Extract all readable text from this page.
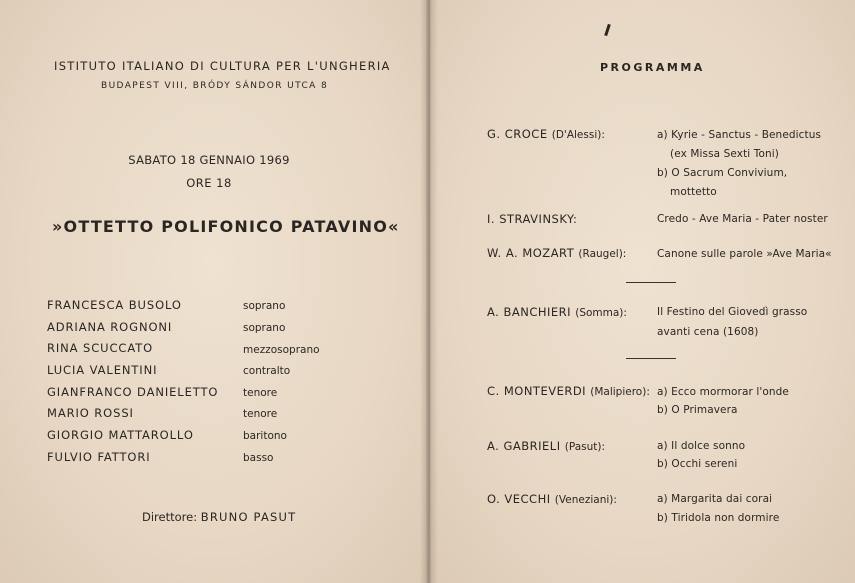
ISTITUTO ITALIANO DI CULTURA PER L'UNGHERIA
BUDAPEST VIII, BRÓDY SÁNDOR UTCA 8
SABATO 18 GENNAIO 1969
ORE 18
»OTTETTO POLIFONICO PATAVINO«
FRANCESCA BUSOLO	soprano
ADRIANA ROGNONI	soprano
RINA SCUCCATO	mezzosoprano
LUCIA VALENTINI	contralto
GIANFRANCO DANIELETTO tenore
MARIO ROSSI	tenore
GIORGIO MATTAROLLO	baritono
FULVIO FATTORI	basso
Direttore: BRUNO PASUT
PROGRAMMA
G. CROCE (D'Alessi):	a) Kyrie - Sanctus - Benedictus
(ex Missa Sexti Toni)
b) O Sacrum Convivium,
mottetto
I. STRAVINSKY:	Credo - Ave Maria - Pater noster
W. A. MOZART (Raugel):	Canone sulle parole »Ave Maria«
A. BANCHIERI (Somma):	Il Festino del Giovedì grasso
avanti cena (1608)
C. MONTEVERDI (Malipiero): a) Ecco mormorar l'onde
b) O Primavera
A. GABRIELI (Pasut):	a) Il dolce sonno
b) Occhi sereni
O. VECCHI (Veneziani):	a) Margarita dai corai
b) Tiridola non dormire
